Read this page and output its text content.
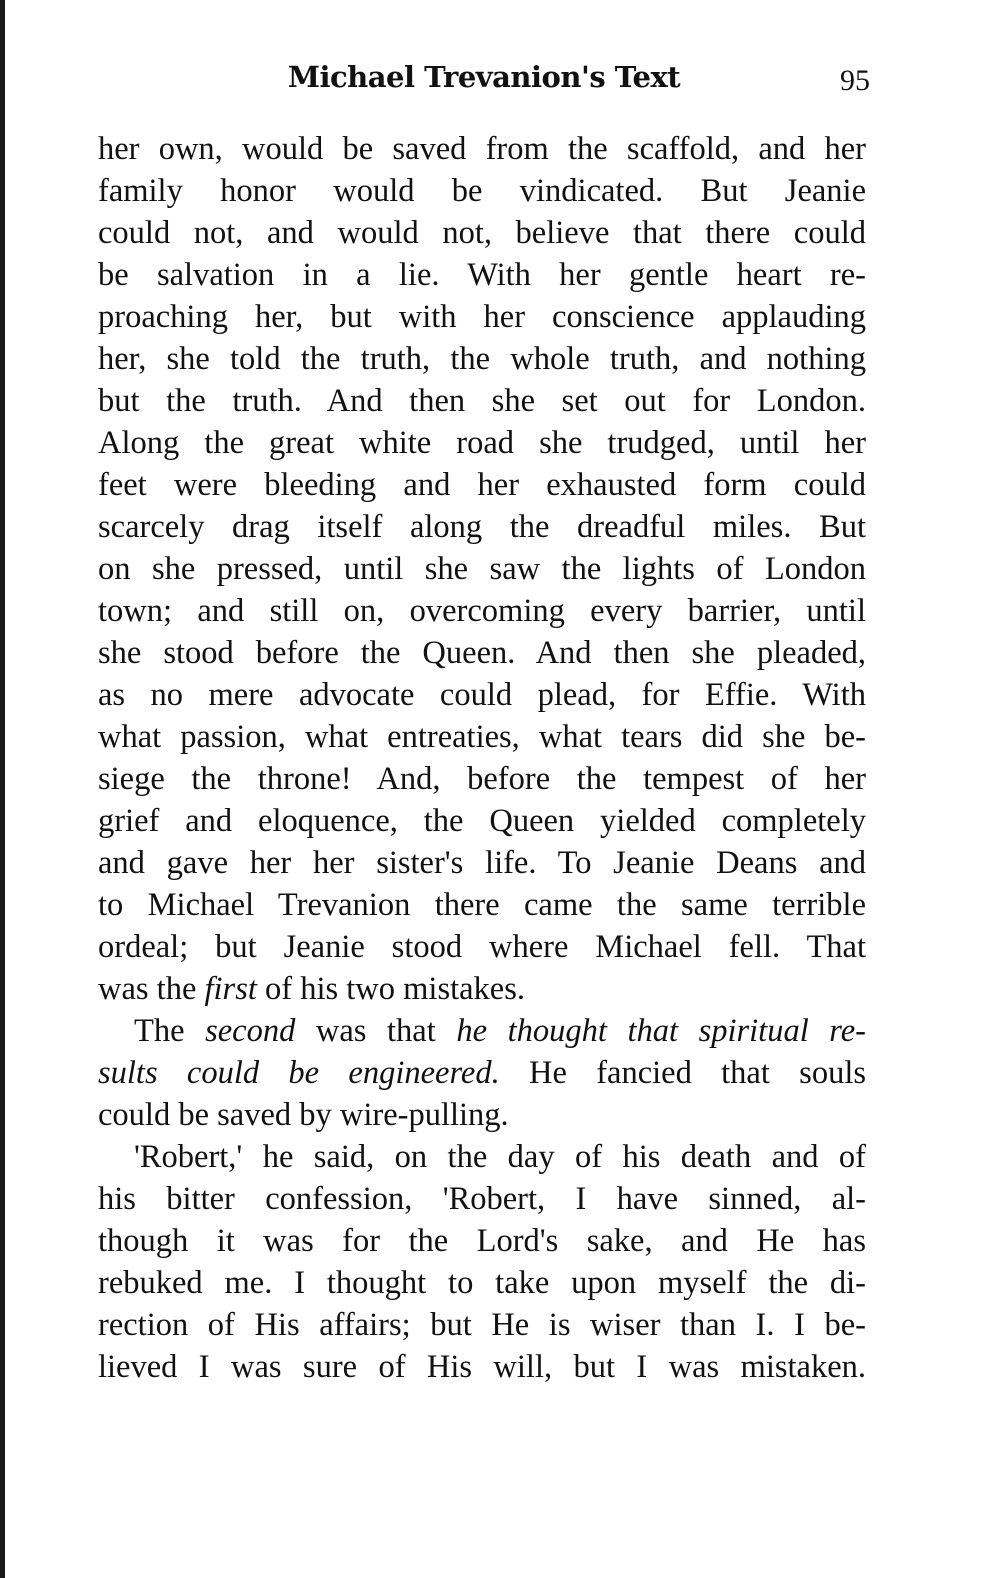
Michael Trevanion's Text	95
her own, would be saved from the scaffold, and her
family honor would be vindicated. But Jeanie
could not, and would not, believe that there could
be salvation in a lie. With her gentle heart re-
proaching her, but with her conscience applauding
her, she told the truth, the whole truth, and nothing
but the truth. And then she set out for London.
Along the great white road she trudged, until her
feet were bleeding and her exhausted form could
scarcely drag itself along the dreadful miles. But
on she pressed, until she saw the lights of London
town; and still on, overcoming every barrier, until
she stood before the Queen. And then she pleaded,
as no mere advocate could plead, for Effie. With
what passion, what entreaties, what tears did she be-
siege the throne! And, before the tempest of her
grief and eloquence, the Queen yielded completely
and gave her her sister's life. To Jeanie Deans and
to Michael Trevanion there came the same terrible
ordeal; but Jeanie stood where Michael fell. That
was the first of his two mistakes.
The second was that he thought that spiritual re-
sults could be engineered. He fancied that souls
could be saved by wire-pulling.
'Robert,' he said, on the day of his death and of
his bitter confession, 'Robert, I have sinned, al-
though it was for the Lord's sake, and He has
rebuked me. I thought to take upon myself the di-
rection of His affairs; but He is wiser than I. I be-
lieved I was sure of His will, but I was mistaken.
